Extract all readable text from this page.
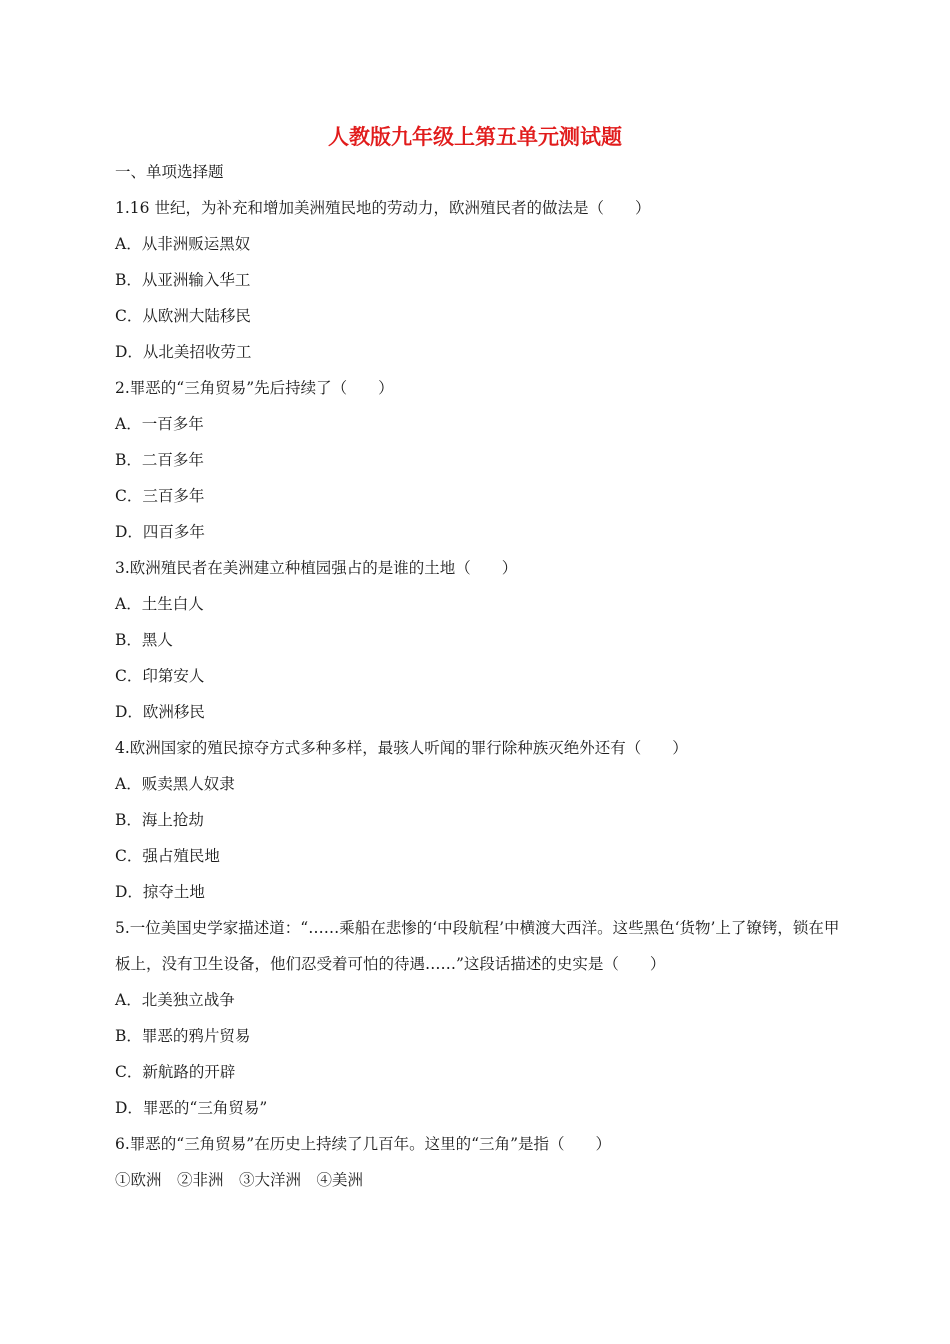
人教版九年级上第五单元测试题
一、单项选择题
1.16 世纪，为补充和增加美洲殖民地的劳动力，欧洲殖民者的做法是（　　）
A．从非洲贩运黑奴
B．从亚洲输入华工
C．从欧洲大陆移民
D．从北美招收劳工
2.罪恶的“三角贸易”先后持续了（　　）
A．一百多年
B．二百多年
C．三百多年
D．四百多年
3.欧洲殖民者在美洲建立种植园强占的是谁的土地（　　）
A．土生白人
B．黑人
C．印第安人
D．欧洲移民
4.欧洲国家的殖民掠夺方式多种多样，最骇人听闻的罪行除种族灭绝外还有（　　）
A．贩卖黑人奴隶
B．海上抢劫
C．强占殖民地
D．掠夺土地
5.一位美国史学家描述道：“……乘船在悲惨的‘中段航程’中横渡大西洋。这些黑色‘货物’上了镣铐，锁在甲板上，没有卫生设备，他们忍受着可怕的待遇……”这段话描述的史实是（　　）
A．北美独立战争
B．罪恶的鸦片贸易
C．新航路的开辟
D．罪恶的“三角贸易”
6.罪恶的“三角贸易”在历史上持续了几百年。这里的“三角”是指（　　）
①欧洲　②非洲　③大洋洲　④美洲
